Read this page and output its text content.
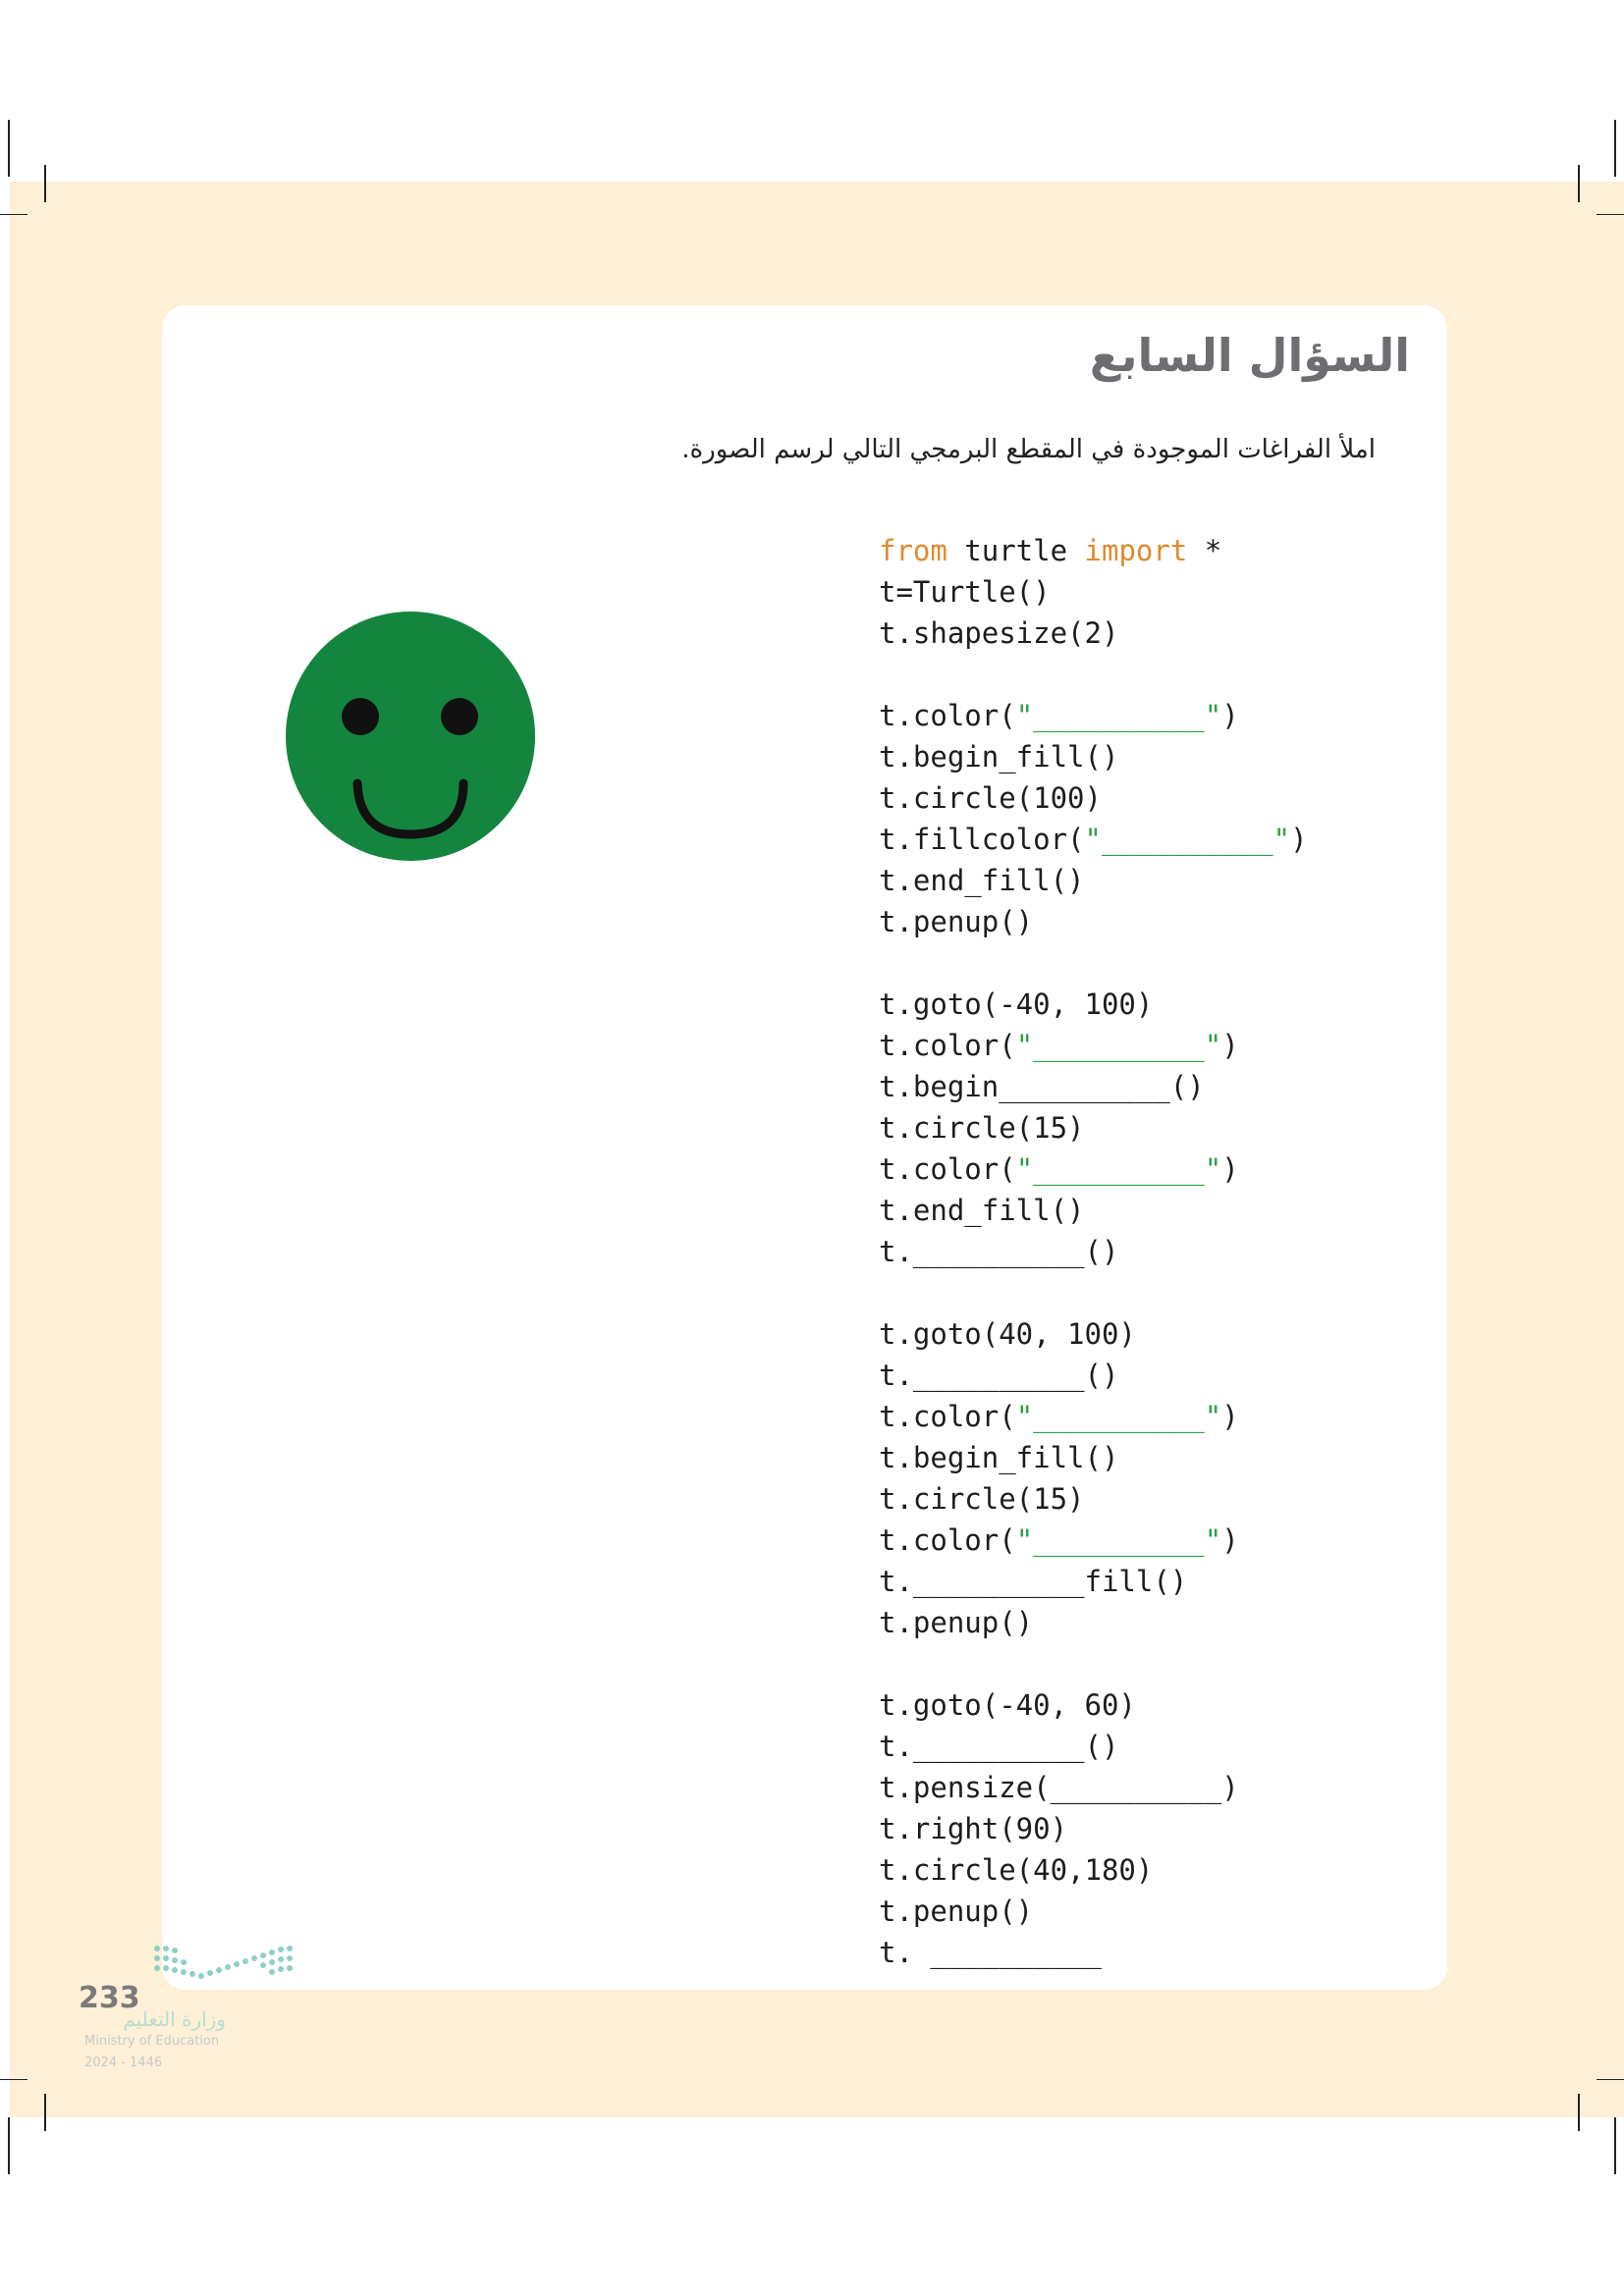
السؤال السابع

املأ الفراغات الموجودة في المقطع البرمجي التالي لرسم الصورة.

from turtle import *
t=Turtle()
t.shapesize(2)
t.color("__________")
t.begin_fill()
t.circle(100)
t.fillcolor("__________")
t.end_fill()
t.penup()
t.goto(-40, 100)
t.color("__________")
t.begin__________()
t.circle(15)
t.color("__________")
t.end_fill()
t.__________()
t.goto(40, 100)
t.__________()
t.color("__________")
t.begin_fill()
t.circle(15)
t.color("__________")
t.__________fill()
t.penup()
t.goto(-40, 60)
t.__________()
t.pensize(__________)
t.right(90)
t.circle(40,180)
t.penup()
t. __________
233
وزارة التعليم
Ministry of Education
2024 - 1446
